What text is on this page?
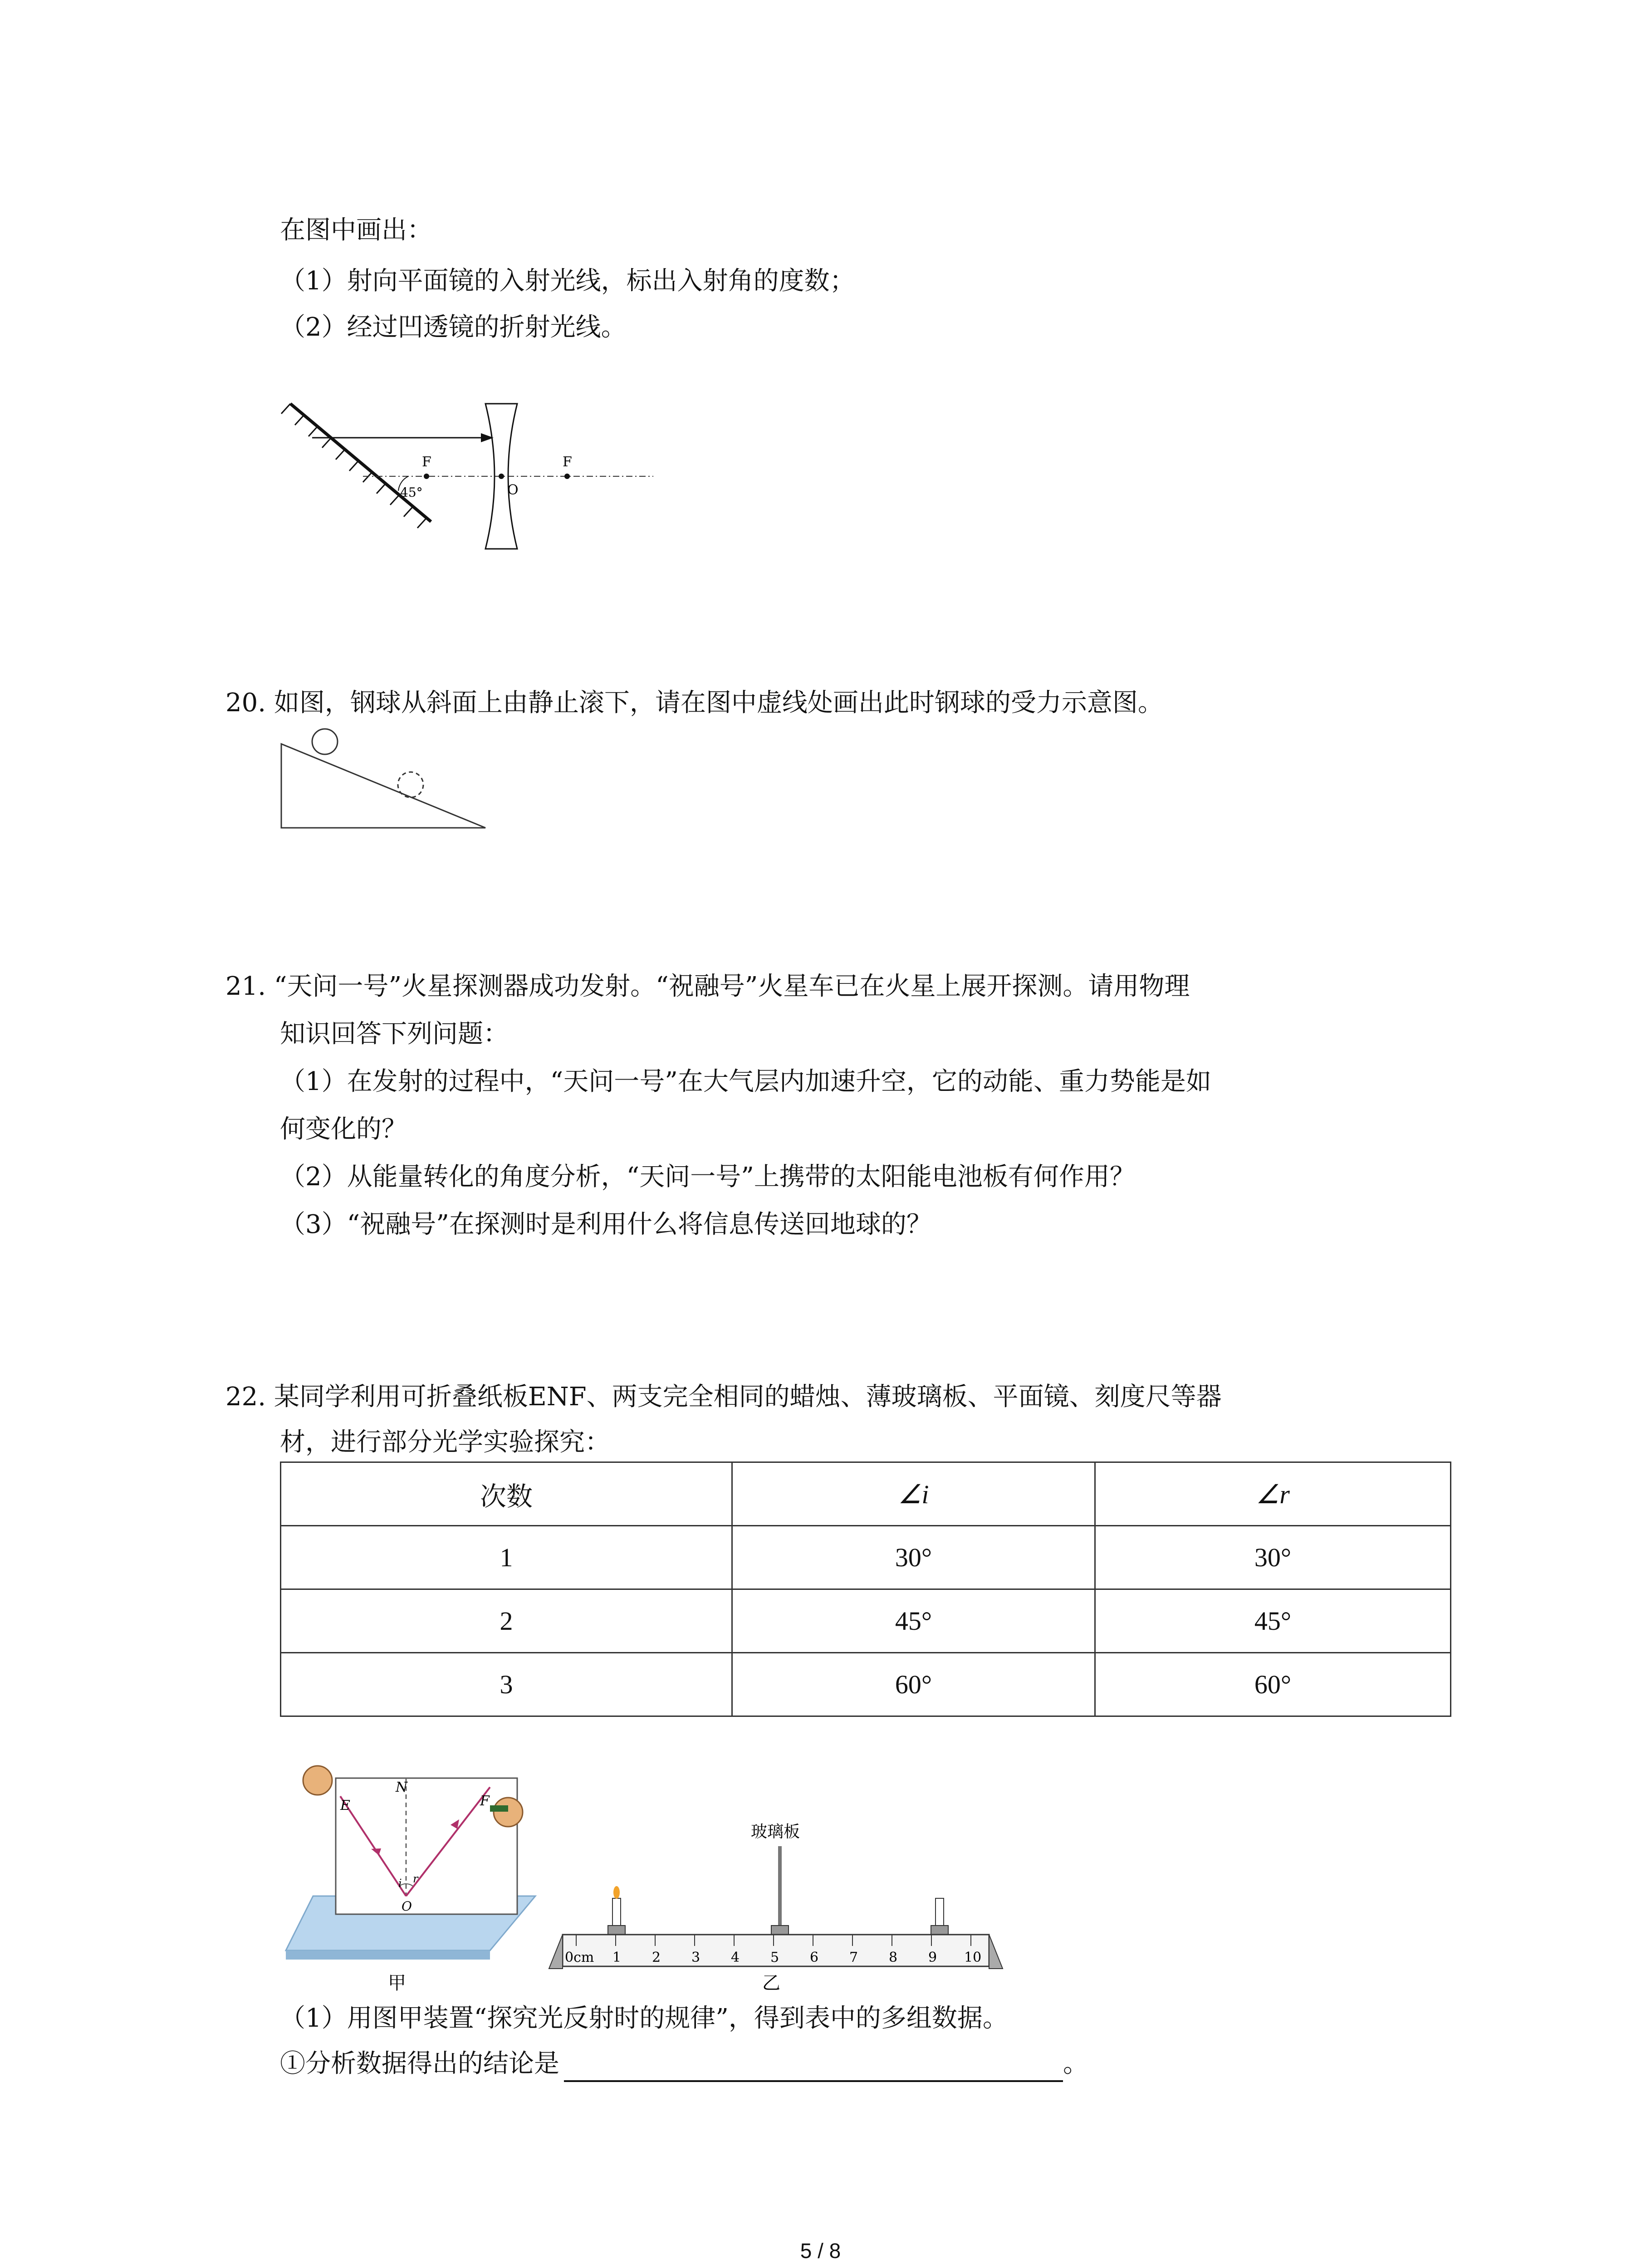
在图中画出：
（1）射向平面镜的入射光线，标出入射角的度数；
（2）经过凹透镜的折射光线。
F	F
O
45°
20. 如图，钢球从斜面上由静止滚下，请在图中虚线处画出此时钢球的受力示意图。
21. “天问一号”火星探测器成功发射。“祝融号”火星车已在火星上展开探测。请用物理
知识回答下列问题：
（1）在发射的过程中，“天问一号”在大气层内加速升空，它的动能、重力势能是如
何变化的？
（2）从能量转化的角度分析，“天问一号”上携带的太阳能电池板有何作用？
（3）“祝融号”在探测时是利用什么将信息传送回地球的？
22. 某同学利用可折叠纸板ENF、两支完全相同的蜡烛、薄玻璃板、平面镜、刻度尺等器
材，进行部分光学实验探究：
次数	∠i	∠r
1	30°	30°
2	45°	45°
3	60°	60°
E
N
F
i r
O
甲
玻璃板
0cm 1 2 3 4 5 6 7 8 9 10
乙
（1）用图甲装置“探究光反射时的规律”，得到表中的多组数据。
①分析数据得出的结论是	。
5 / 8
